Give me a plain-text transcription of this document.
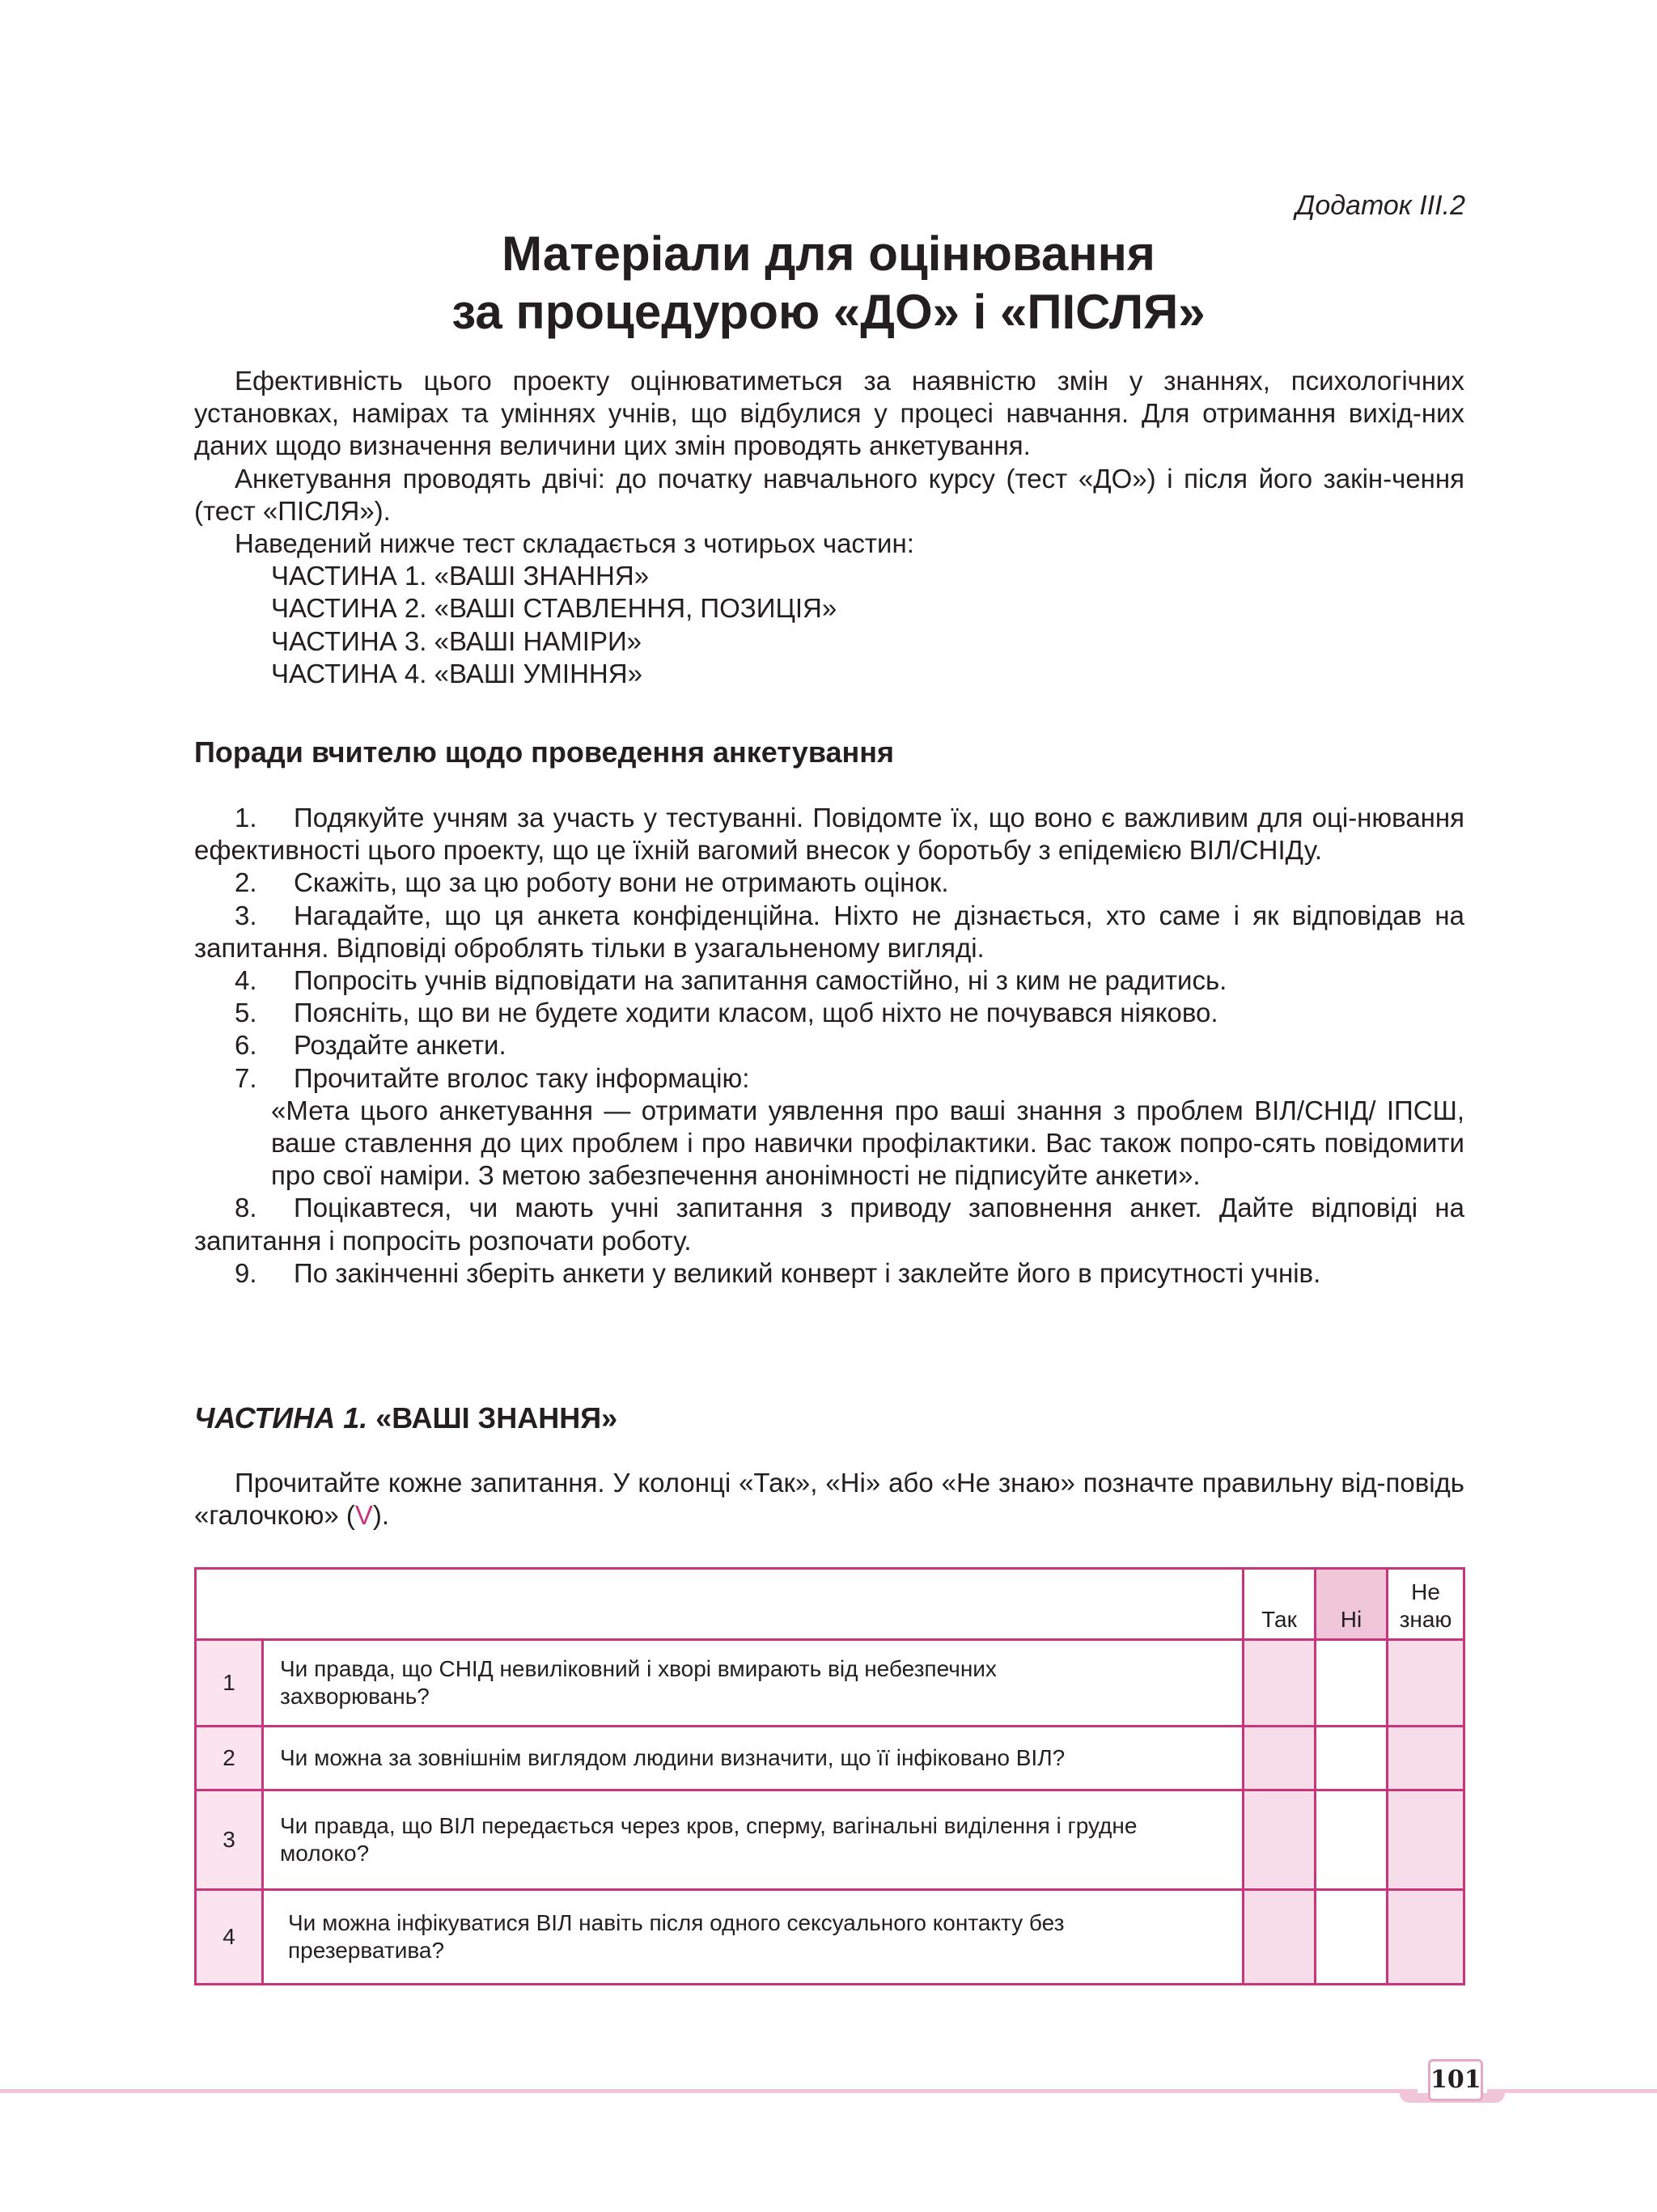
Додаток ІІІ.2
Матеріали для оцінювання
за процедурою «ДО» і «ПІСЛЯ»

Ефективність цього проекту оцінюватиметься за наявністю змін у знаннях, психологічних установках, намірах та уміннях учнів, що відбулися у процесі навчання. Для отримання вихід-них даних щодо визначення величини цих змін проводять анкетування.

Анкетування проводять двічі: до початку навчального курсу (тест «ДО») і після його закін-чення (тест «ПІСЛЯ»).

Наведений нижче тест складається з чотирьох частин:

ЧАСТИНА 1. «ВАШІ ЗНАННЯ»

ЧАСТИНА 2. «ВАШІ СТАВЛЕННЯ, ПОЗИЦІЯ»

ЧАСТИНА 3. «ВАШІ НАМІРИ»

ЧАСТИНА 4. «ВАШІ УМІННЯ»

Поради вчителю щодо проведення анкетування

1. Подякуйте учням за участь у тестуванні. Повідомте їх, що воно є важливим для оці-нювання ефективності цього проекту, що це їхній вагомий внесок у боротьбу з епідемією ВІЛ/СНІДу.

2. Скажіть, що за цю роботу вони не отримають оцінок.

3. Нагадайте, що ця анкета конфіденційна. Ніхто не дізнається, хто саме і як відповідав на запитання. Відповіді оброблять тільки в узагальненому вигляді.

4. Попросіть учнів відповідати на запитання самостійно, ні з ким не радитись.

5. Поясніть, що ви не будете ходити класом, щоб ніхто не почувався ніяково.

6. Роздайте анкети.

7. Прочитайте вголос таку інформацію:

«Мета цього анкетування — отримати уявлення про ваші знання з проблем ВІЛ/СНІД/ ІПСШ, ваше ставлення до цих проблем і про навички профілактики. Вас також попро-сять повідомити про свої наміри. З метою забезпечення анонімності не підписуйте анкети».

8. Поцікавтеся, чи мають учні запитання з приводу заповнення анкет. Дайте відповіді на запитання і попросіть розпочати роботу.

9. По закінченні зберіть анкети у великий конверт і заклейте його в присутності учнів.

ЧАСТИНА 1. «ВАШІ ЗНАННЯ»

Прочитайте кожне запитання. У колонці «Так», «Ні» або «Не знаю» позначте правильну від-повідь «галочкою» (V).

		Так	Ні	Не
знаю
1	Чи правда, що СНІД невиліковний і хворі вмирають від небезпечних захворювань?			

2	Чи можна за зовнішнім виглядом людини визначити, що її інфіковано ВІЛ?			
3	Чи правда, що ВІЛ передається через кров, сперму, вагінальні виділення і грудне молоко?			

4	Чи можна інфікуватися ВІЛ навіть після одного сексуального контакту без презерватива?			

101
